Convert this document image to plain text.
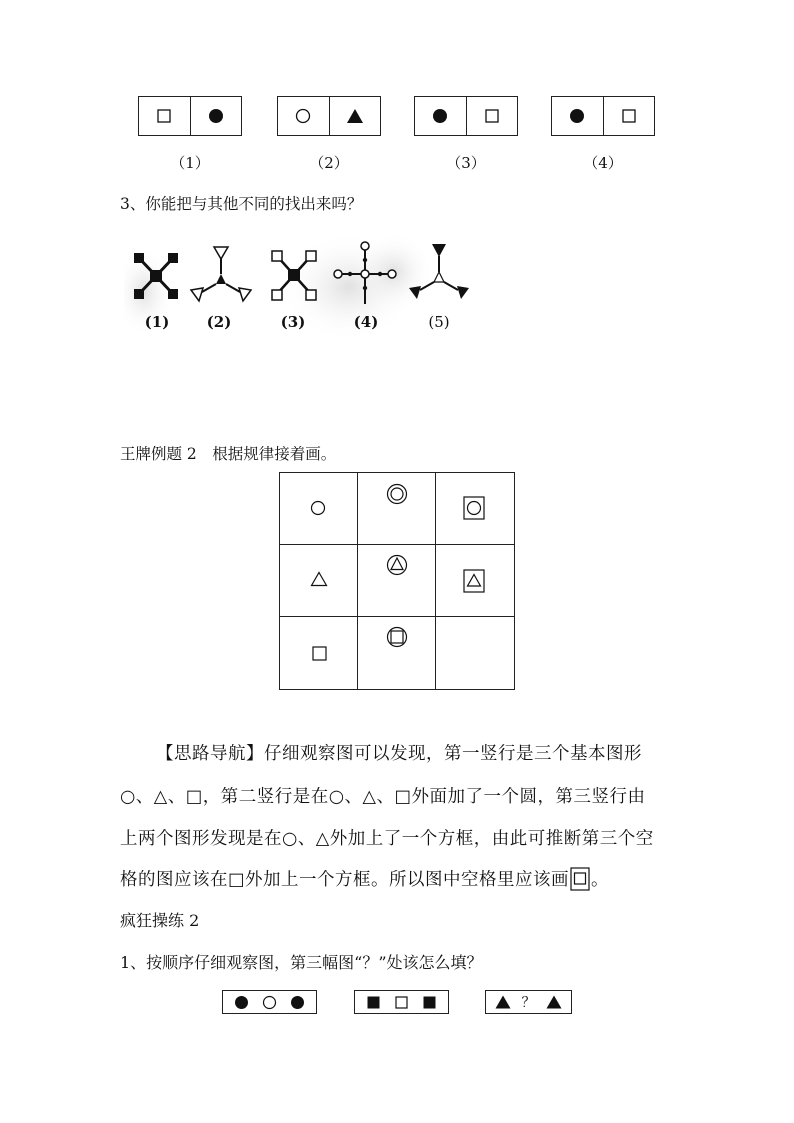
（1）	（2）	（3）	（4）
3、你能把与其他不同的找出来吗？
(1)	(2)	(3)	(4)	(5)
王牌例题 2　根据规律接着画。
【思路导航】仔细观察图可以发现，第一竖行是三个基本图形
○、△、□，第二竖行是在○、△、□外面加了一个圆，第三竖行由
上两个图形发现是在○、△外加上了一个方框，由此可推断第三个空
格的图应该在□外加上一个方框。所以图中空格里应该画 。
疯狂操练 2
1、按顺序仔细观察图，第三幅图“？”处该怎么填？
？
